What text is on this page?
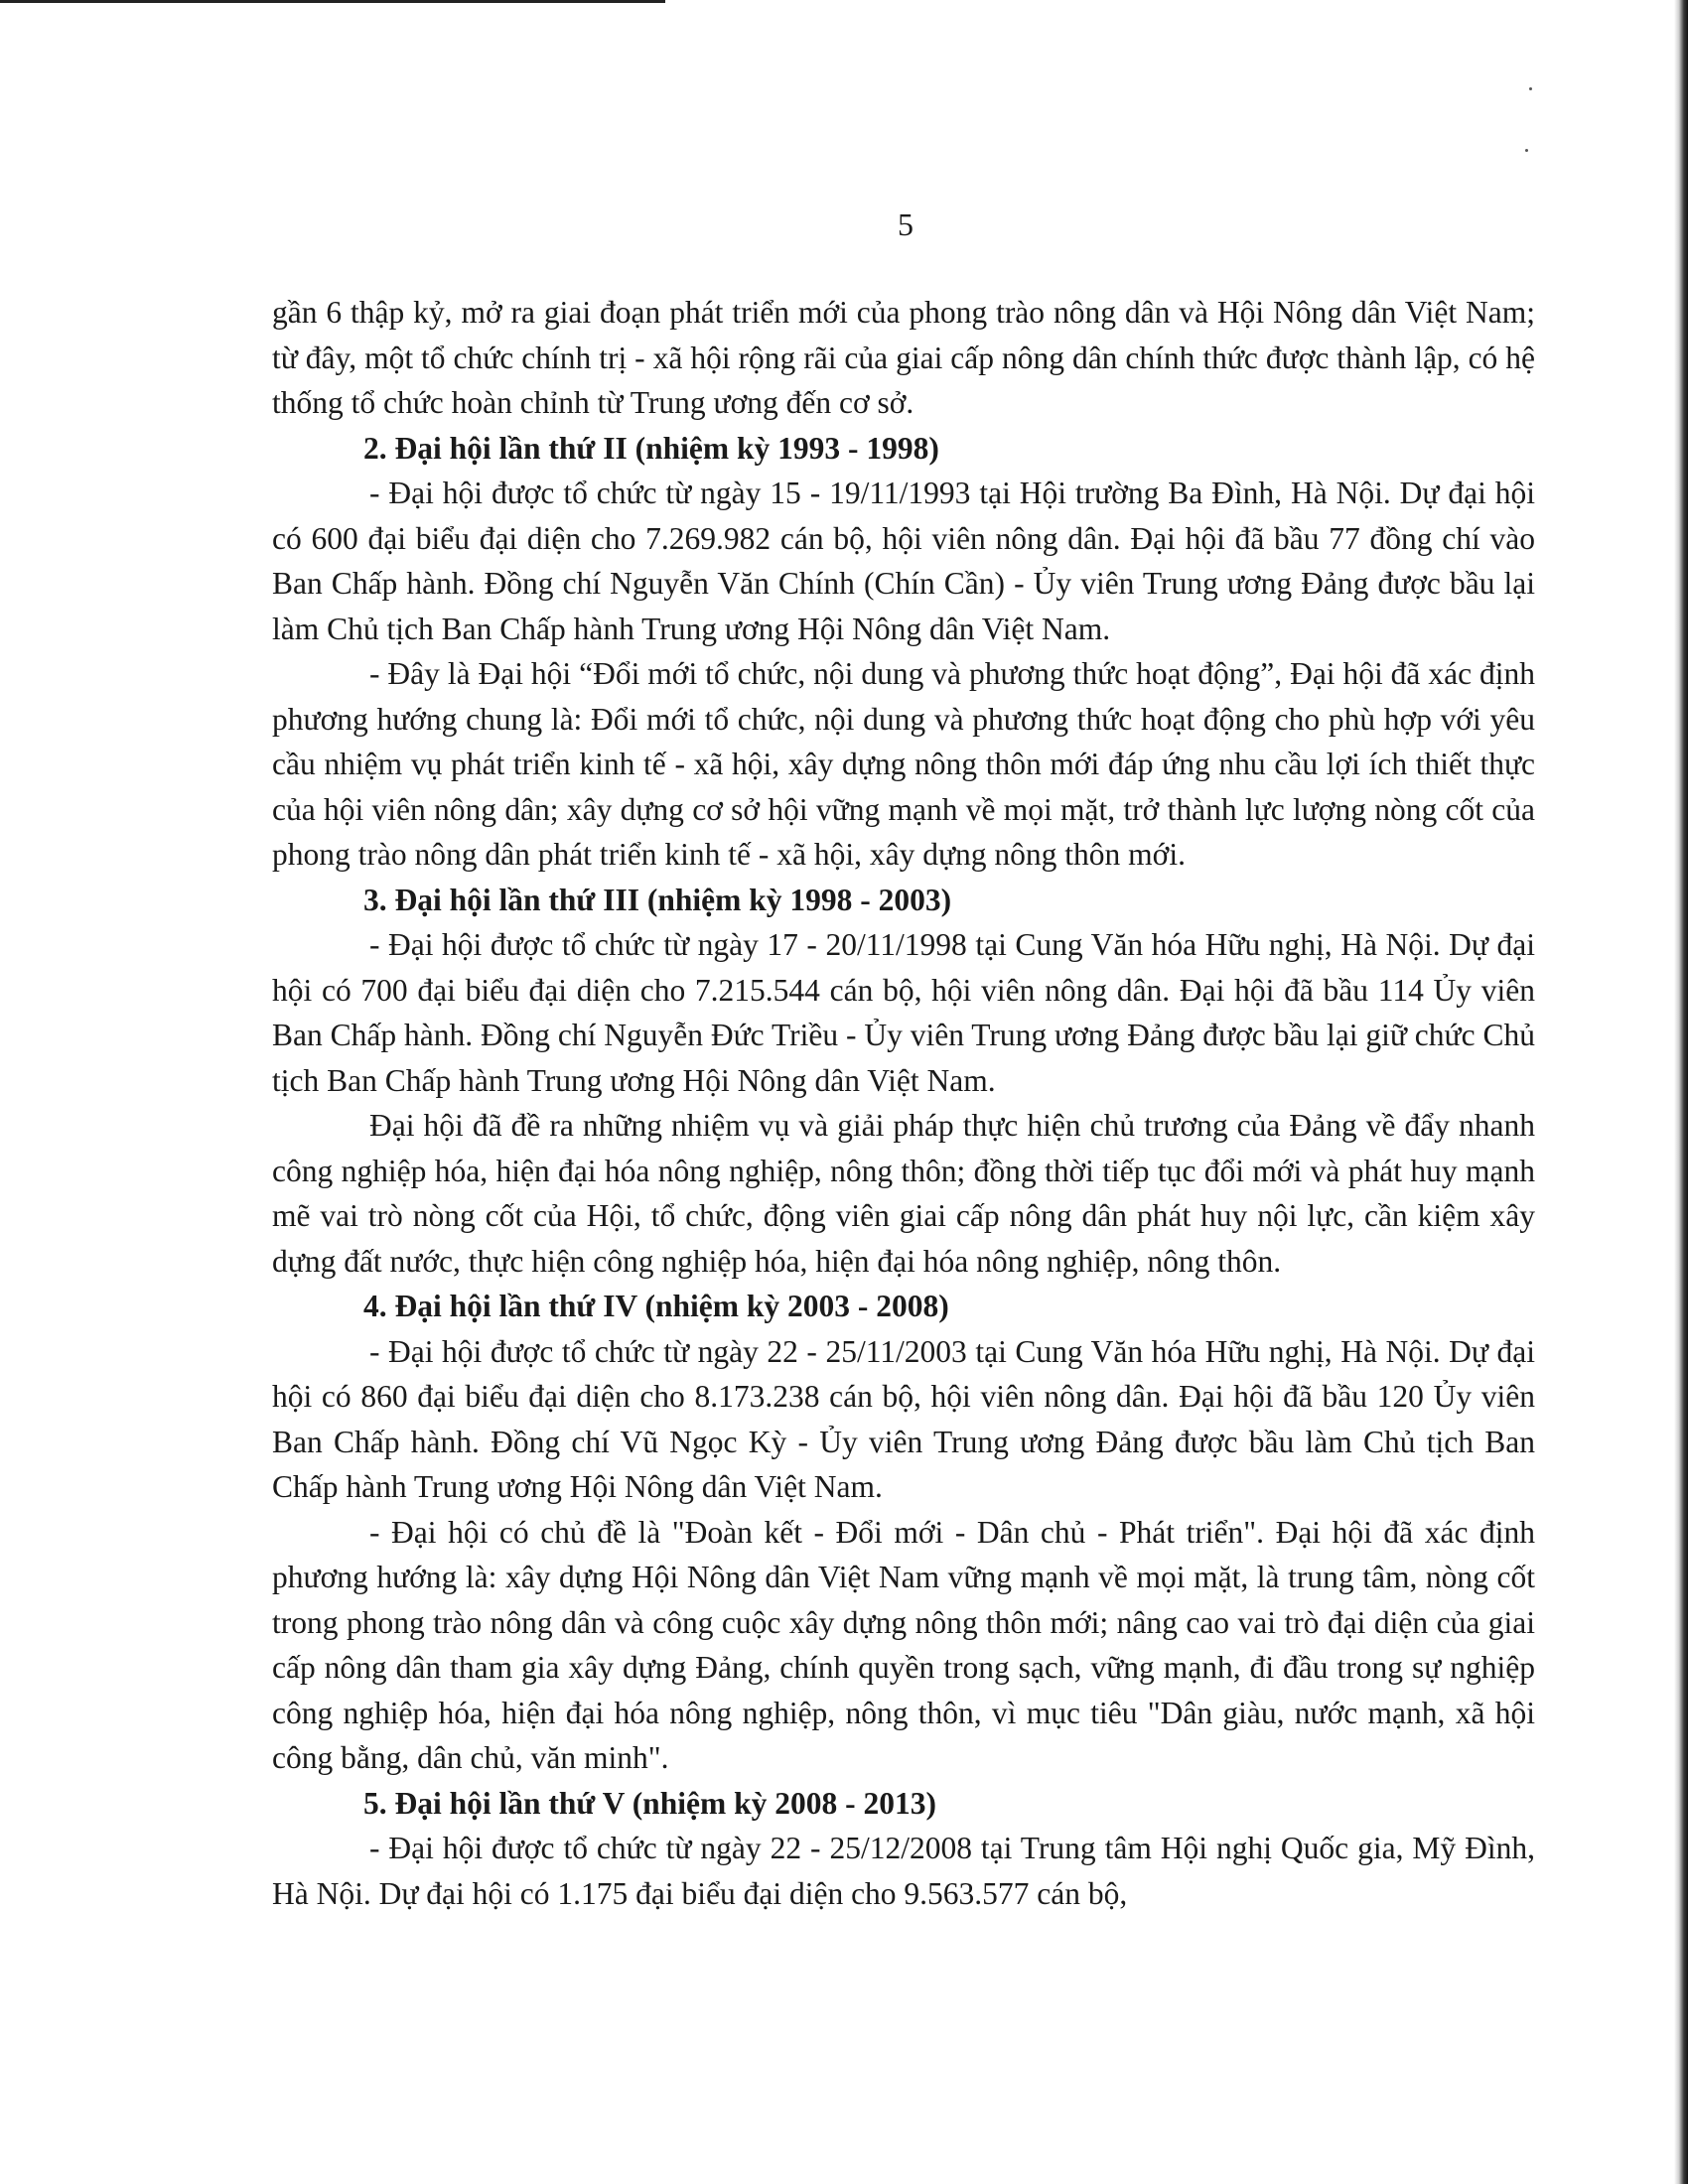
5

gần 6 thập kỷ, mở ra giai đoạn phát triển mới của phong trào nông dân và Hội Nông dân Việt Nam; từ đây, một tổ chức chính trị - xã hội rộng rãi của giai cấp nông dân chính thức được thành lập, có hệ thống tổ chức hoàn chỉnh từ Trung ương đến cơ sở.

2. Đại hội lần thứ II (nhiệm kỳ 1993 - 1998)

- Đại hội được tổ chức từ ngày 15 - 19/11/1993 tại Hội trường Ba Đình, Hà Nội. Dự đại hội có 600 đại biểu đại diện cho 7.269.982 cán bộ, hội viên nông dân. Đại hội đã bầu 77 đồng chí vào Ban Chấp hành. Đồng chí Nguyễn Văn Chính (Chín Cần) - Ủy viên Trung ương Đảng được bầu lại làm Chủ tịch Ban Chấp hành Trung ương Hội Nông dân Việt Nam.

- Đây là Đại hội “Đổi mới tổ chức, nội dung và phương thức hoạt động”, Đại hội đã xác định phương hướng chung là: Đổi mới tổ chức, nội dung và phương thức hoạt động cho phù hợp với yêu cầu nhiệm vụ phát triển kinh tế - xã hội, xây dựng nông thôn mới đáp ứng nhu cầu lợi ích thiết thực của hội viên nông dân; xây dựng cơ sở hội vững mạnh về mọi mặt, trở thành lực lượng nòng cốt của phong trào nông dân phát triển kinh tế - xã hội, xây dựng nông thôn mới.

3. Đại hội lần thứ III (nhiệm kỳ 1998 - 2003)

- Đại hội được tổ chức từ ngày 17 - 20/11/1998 tại Cung Văn hóa Hữu nghị, Hà Nội. Dự đại hội có 700 đại biểu đại diện cho 7.215.544 cán bộ, hội viên nông dân. Đại hội đã bầu 114 Ủy viên Ban Chấp hành. Đồng chí Nguyễn Đức Triều - Ủy viên Trung ương Đảng được bầu lại giữ chức Chủ tịch Ban Chấp hành Trung ương Hội Nông dân Việt Nam.

Đại hội đã đề ra những nhiệm vụ và giải pháp thực hiện chủ trương của Đảng về đẩy nhanh công nghiệp hóa, hiện đại hóa nông nghiệp, nông thôn; đồng thời tiếp tục đổi mới và phát huy mạnh mẽ vai trò nòng cốt của Hội, tổ chức, động viên giai cấp nông dân phát huy nội lực, cần kiệm xây dựng đất nước, thực hiện công nghiệp hóa, hiện đại hóa nông nghiệp, nông thôn.

4. Đại hội lần thứ IV (nhiệm kỳ 2003 - 2008)

- Đại hội được tổ chức từ ngày 22 - 25/11/2003 tại Cung Văn hóa Hữu nghị, Hà Nội. Dự đại hội có 860 đại biểu đại diện cho 8.173.238 cán bộ, hội viên nông dân. Đại hội đã bầu 120 Ủy viên Ban Chấp hành. Đồng chí Vũ Ngọc Kỳ - Ủy viên Trung ương Đảng được bầu làm Chủ tịch Ban Chấp hành Trung ương Hội Nông dân Việt Nam.

- Đại hội có chủ đề là "Đoàn kết - Đổi mới - Dân chủ - Phát triển". Đại hội đã xác định phương hướng là: xây dựng Hội Nông dân Việt Nam vững mạnh về mọi mặt, là trung tâm, nòng cốt trong phong trào nông dân và công cuộc xây dựng nông thôn mới; nâng cao vai trò đại diện của giai cấp nông dân tham gia xây dựng Đảng, chính quyền trong sạch, vững mạnh, đi đầu trong sự nghiệp công nghiệp hóa, hiện đại hóa nông nghiệp, nông thôn, vì mục tiêu "Dân giàu, nước mạnh, xã hội công bằng, dân chủ, văn minh".

5. Đại hội lần thứ V (nhiệm kỳ 2008 - 2013)

- Đại hội được tổ chức từ ngày 22 - 25/12/2008 tại Trung tâm Hội nghị Quốc gia, Mỹ Đình, Hà Nội. Dự đại hội có 1.175 đại biểu đại diện cho 9.563.577 cán bộ,
